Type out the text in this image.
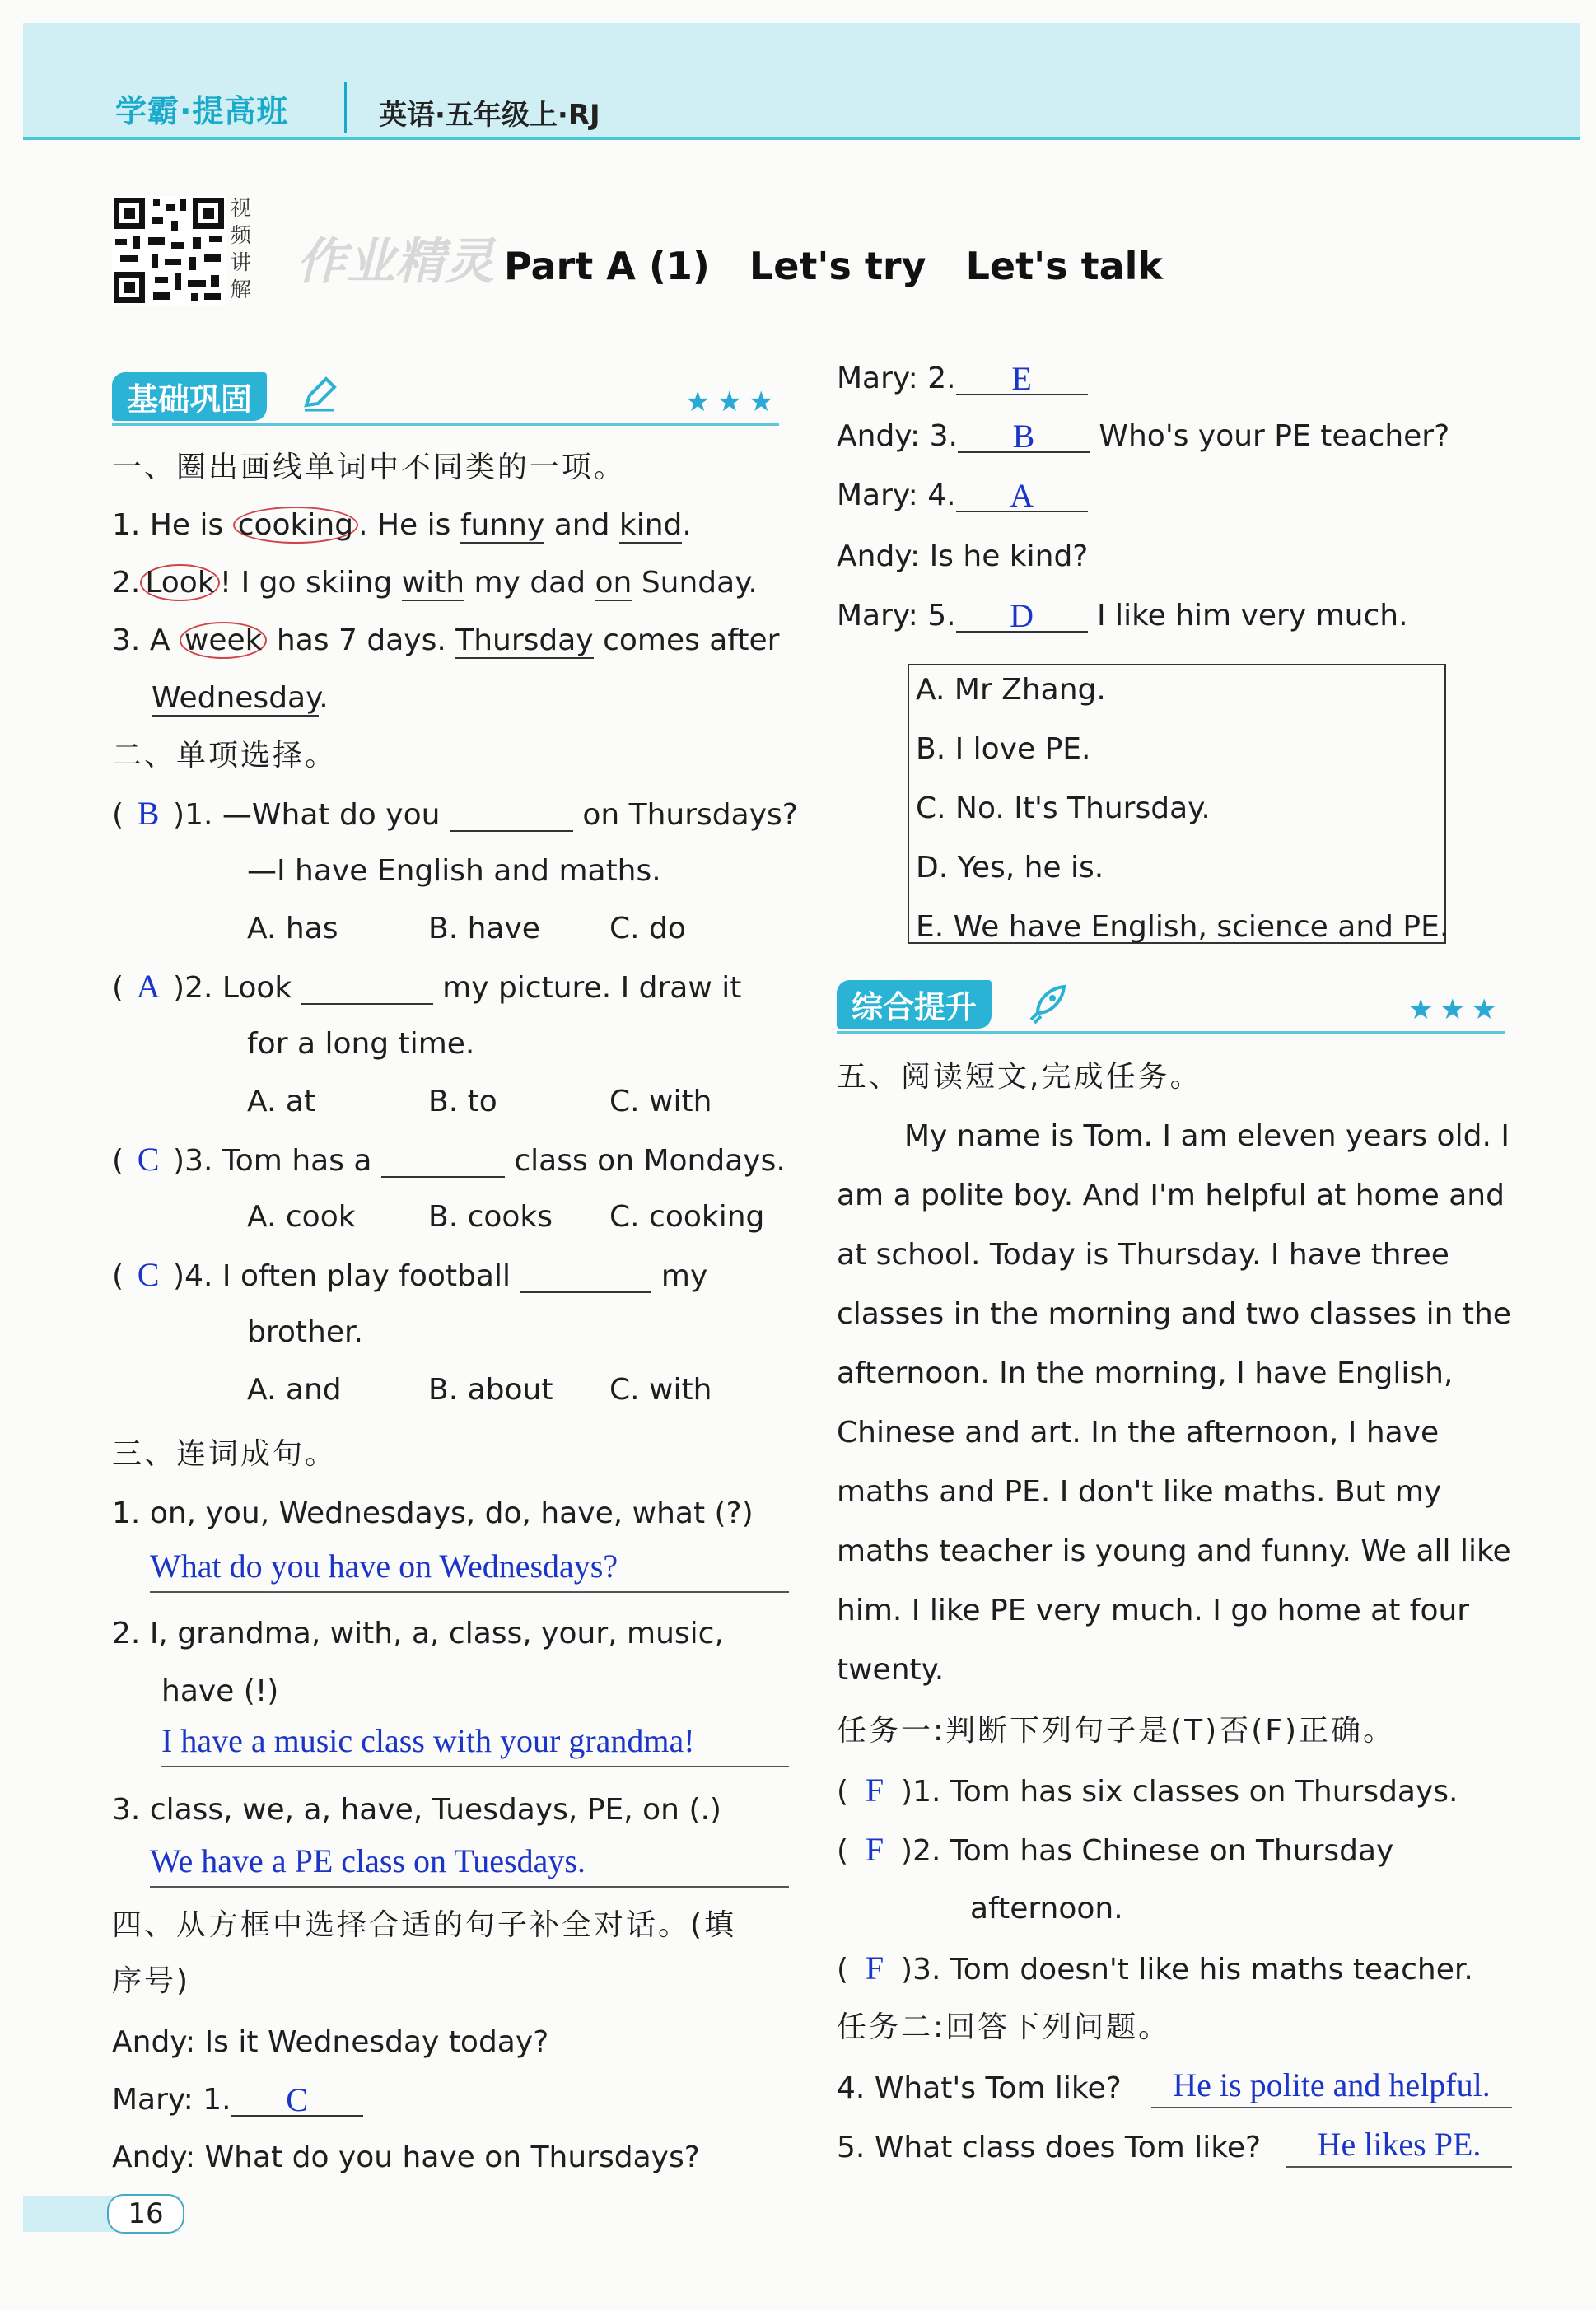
学霸·提高班	英语·五年级上·RJ
视频讲解 作业精灵 Part A (1)   Let's try   Let's talk
基础巩固	★★★
一、圈出画线单词中不同类的一项。
1. He is cooking . He is funny and kind.
2. Look ! I go skiing with my dad on Sunday.
3. A week has 7 days. Thursday comes after
Wednesday.
二、单项选择。
( B )1. —What do you	on Thursdays?
—I have English and maths.
A. has	B. have C. do
( A )2. Look	my picture. I draw it
for a long time.
A. at	B. to	C. with
( C )3. Tom has a	class on Mondays.
A. cook B. cooks C. cooking
( C )4. I often play football	my
brother.
A. and	B. about C. with
三、连词成句。
1. on, you, Wednesdays, do, have, what (?)
What do you have on Wednesdays?
2. I, grandma, with, a, class, your, music,
have (!)
I have a music class with your grandma!
3. class, we, a, have, Tuesdays, PE, on (.)
We have a PE class on Tuesdays.
四、从方框中选择合适的句子补全对话。(填
序号)
Andy: Is it Wednesday today?
Mary: 1. C
Andy: What do you have on Thursdays?
Mary: 2. E
Andy: 3. B Who's your PE teacher?
Mary: 4. A
Andy: Is he kind?
Mary: 5. D I like him very much.
A. Mr Zhang.
B. I love PE.
C. No. It's Thursday.
D. Yes, he is.
E. We have English, science and PE.
综合提升	★★★
五、阅读短文,完成任务。
My name is Tom. I am eleven years old. I
am a polite boy. And I'm helpful at home and
at school. Today is Thursday. I have three
classes in the morning and two classes in the
afternoon. In the morning, I have English,
Chinese and art. In the afternoon, I have
maths and PE. I don't like maths. But my
maths teacher is young and funny. We all like
him. I like PE very much. I go home at four
twenty.
任务一:判断下列句子是(T)否(F)正确。
( F )1. Tom has six classes on Thursdays.
( F )2. Tom has Chinese on Thursday
afternoon.
( F )3. Tom doesn't like his maths teacher.
任务二:回答下列问题。
4. What's Tom like?	He is polite and helpful.
5. What class does Tom like?	He likes PE.
16
